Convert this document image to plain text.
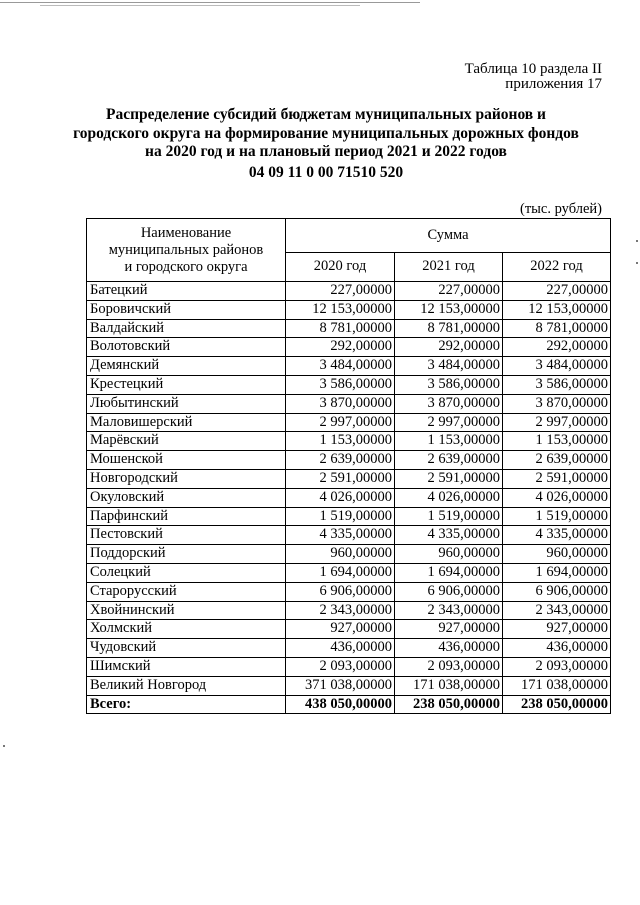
Таблица 10 раздела II
приложения 17
Распределение субсидий бюджетам муниципальных районов и
городского округа на формирование муниципальных дорожных фондов
на 2020 год и на плановый период 2021 и 2022 годов
04 09 11 0 00 71510 520
(тыс. рублей)
Наименование
муниципальных районов
и городского округа	Сумма		
	2020 год	2021 год	2022 год
Батецкий	227,00000	227,00000	227,00000
Боровичский	12 153,00000	12 153,00000	12 153,00000
Валдайский	8 781,00000	8 781,00000	8 781,00000
Волотовский	292,00000	292,00000	292,00000
Демянский	3 484,00000	3 484,00000	3 484,00000
Крестецкий	3 586,00000	3 586,00000	3 586,00000
Любытинский	3 870,00000	3 870,00000	3 870,00000
Маловишерский	2 997,00000	2 997,00000	2 997,00000
Марёвский	1 153,00000	1 153,00000	1 153,00000
Мошенской	2 639,00000	2 639,00000	2 639,00000
Новгородский	2 591,00000	2 591,00000	2 591,00000
Окуловский	4 026,00000	4 026,00000	4 026,00000
Парфинский	1 519,00000	1 519,00000	1 519,00000
Пестовский	4 335,00000	4 335,00000	4 335,00000
Поддорский	960,00000	960,00000	960,00000
Солецкий	1 694,00000	1 694,00000	1 694,00000
Старорусский	6 906,00000	6 906,00000	6 906,00000
Хвойнинский	2 343,00000	2 343,00000	2 343,00000
Холмский	927,00000	927,00000	927,00000
Чудовский	436,00000	436,00000	436,00000
Шимский	2 093,00000	2 093,00000	2 093,00000
Великий Новгород	371 038,00000	171 038,00000	171 038,00000
Всего:	438 050,00000	238 050,00000	238 050,00000
